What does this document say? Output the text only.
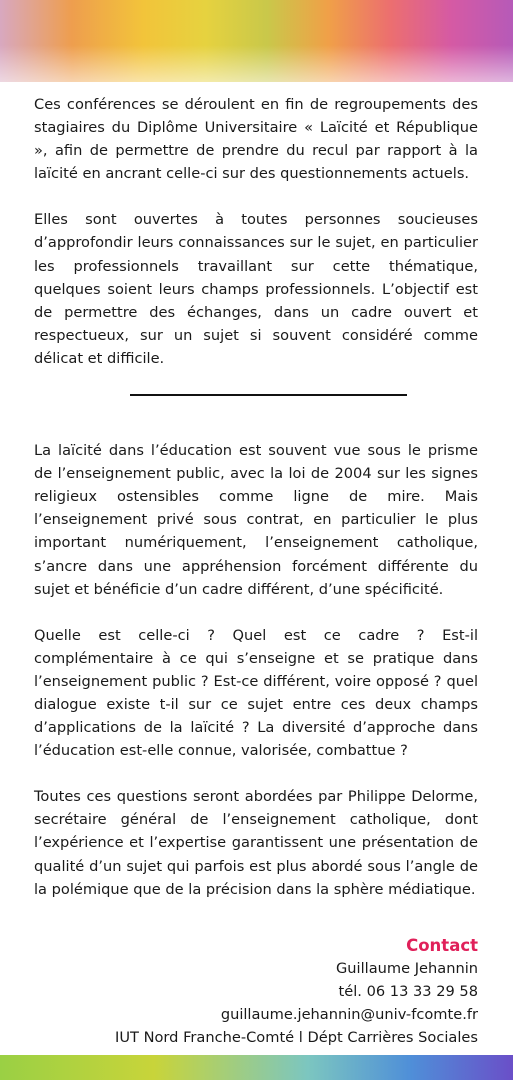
Ces conférences se déroulent en fin de regroupements des stagiaires du Diplôme Universitaire « Laïcité et République », afin de permettre de prendre du recul par rapport à la laïcité en ancrant celle-ci sur des questionnements actuels.

Elles sont ouvertes à toutes personnes soucieuses d’approfondir leurs connaissances sur le sujet, en particulier les professionnels travaillant sur cette thématique, quelques soient leurs champs professionnels. L’objectif est de permettre des échanges, dans un cadre ouvert et respectueux, sur un sujet si souvent considéré comme délicat et difficile.

La laïcité dans l’éducation est souvent vue sous le prisme de l’enseignement public, avec la loi de 2004 sur les signes religieux ostensibles comme ligne de mire. Mais l’enseignement privé sous contrat, en particulier le plus important numériquement, l’enseignement catholique, s’ancre dans une appréhension forcément différente du sujet et bénéficie d’un cadre différent, d’une spécificité.

Quelle est celle-ci ? Quel est ce cadre ? Est-il complémentaire à ce qui s’enseigne et se pratique dans l’enseignement public ? Est-ce différent, voire opposé ? quel dialogue existe t-il sur ce sujet entre ces deux champs d’applications de la laïcité ? La diversité d’approche dans l’éducation est-elle connue, valorisée, combattue ?

Toutes ces questions seront abordées par Philippe Delorme, secrétaire général de l’enseignement catholique, dont l’expérience et l’expertise garantissent une présentation de qualité d’un sujet qui parfois est plus abordé sous l’angle de la polémique que de la précision dans la sphère médiatique.

Contact
Guillaume Jehannin
tél. 06 13 33 29 58
guillaume.jehannin@univ-fcomte.fr
IUT Nord Franche-Comté l Dépt Carrières Sociales
